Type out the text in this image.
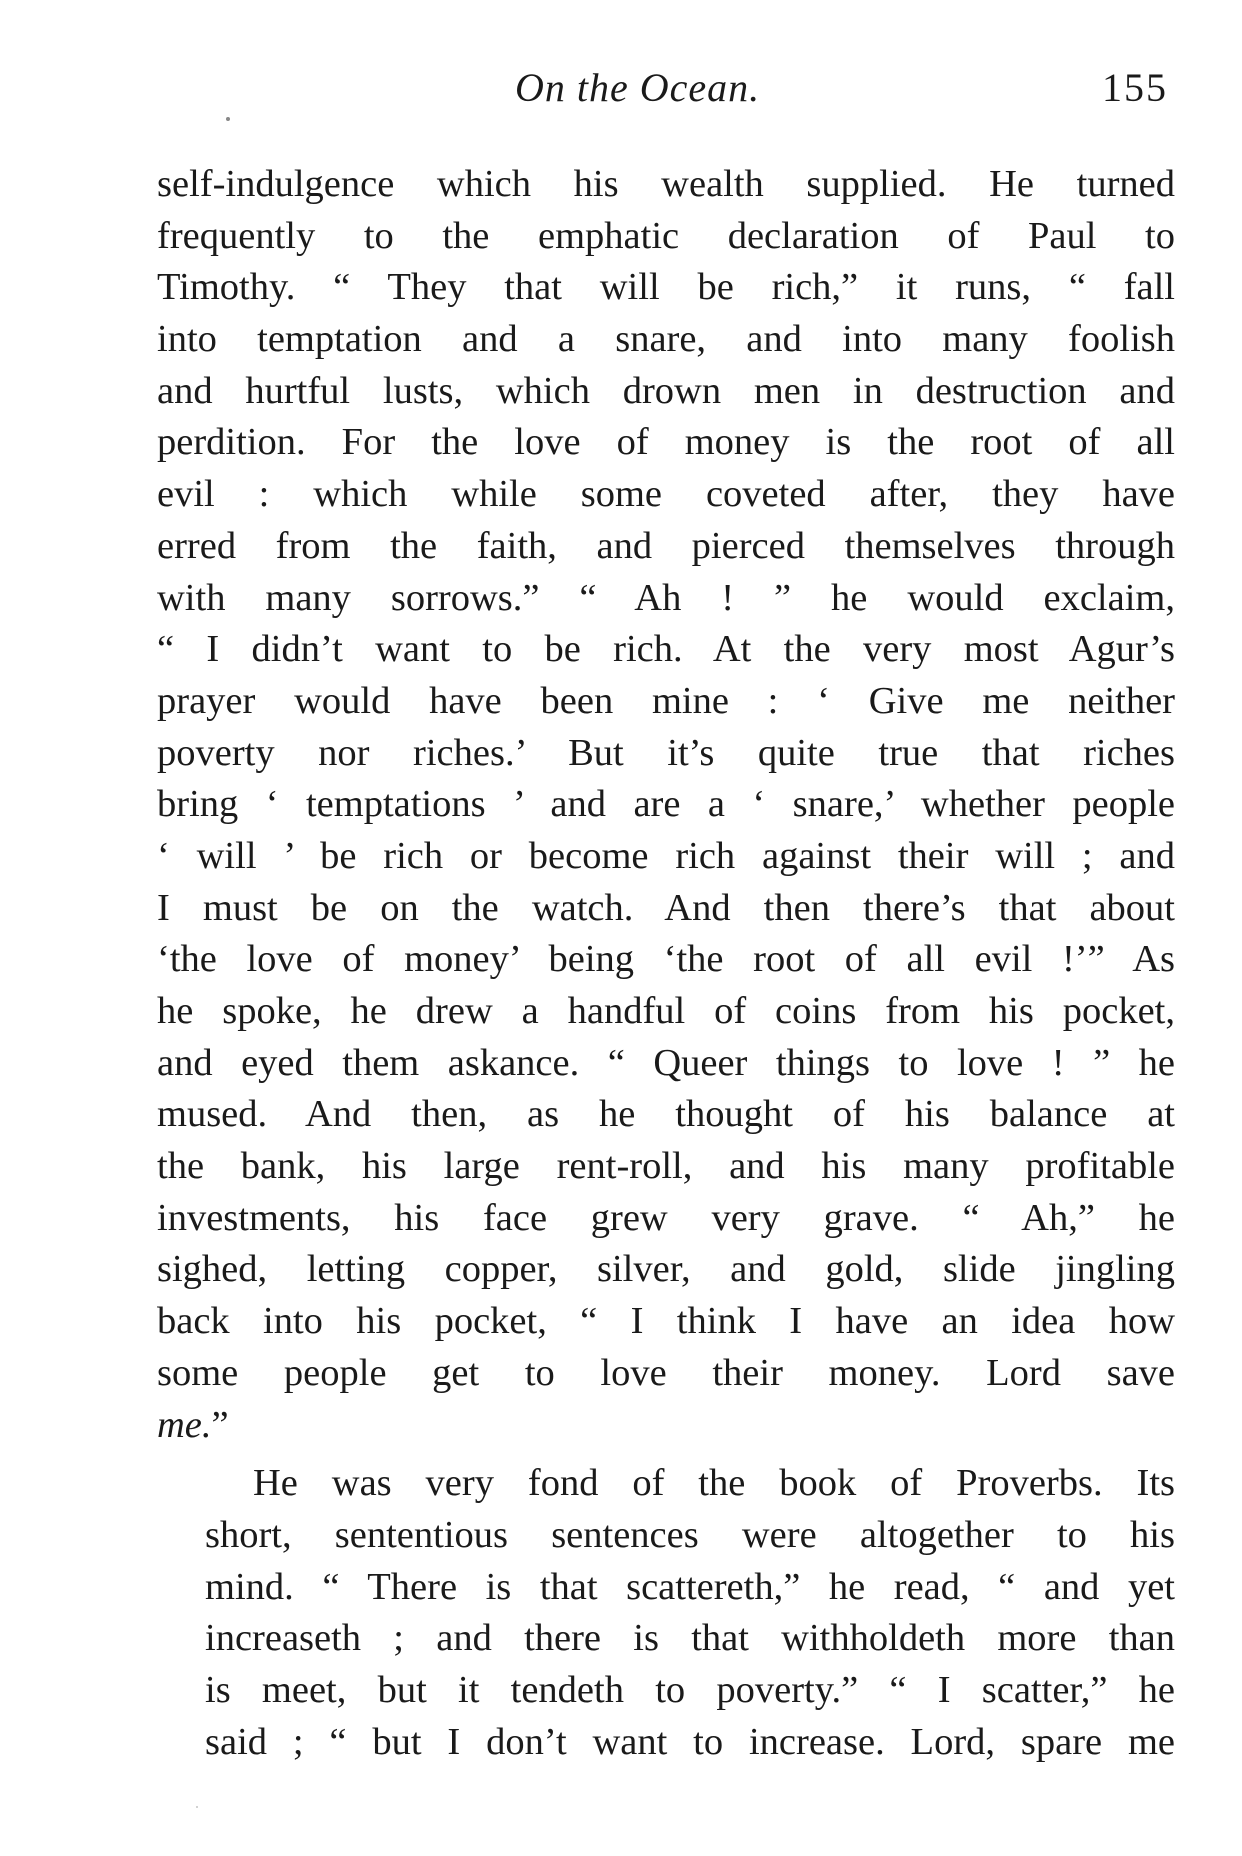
On the Ocean.	155
self-indulgence which his wealth supplied. He turned
frequently to the emphatic declaration of Paul to
Timothy. “ They that will be rich,” it runs, “ fall
into temptation and a snare, and into many foolish
and hurtful lusts, which drown men in destruction and
perdition. For the love of money is the root of all
evil : which while some coveted after, they have
erred from the faith, and pierced themselves through
with many sorrows.” “ Ah ! ” he would exclaim,
“ I didn’t want to be rich. At the very most Agur’s
prayer would have been mine : ‘ Give me neither
poverty nor riches.’ But it’s quite true that riches
bring ‘ temptations ’ and are a ‘ snare,’ whether people
‘ will ’ be rich or become rich against their will ; and
I must be on the watch. And then there’s that about
‘the love of money’ being ‘the root of all evil !’” As
he spoke, he drew a handful of coins from his pocket,
and eyed them askance. “ Queer things to love ! ” he
mused. And then, as he thought of his balance at
the bank, his large rent-roll, and his many profitable
investments, his face grew very grave. “ Ah,” he
sighed, letting copper, silver, and gold, slide jingling
back into his pocket, “ I think I have an idea how
some people get to love their money. Lord save
me.”
He was very fond of the book of Proverbs. Its
short, sententious sentences were altogether to his
mind. “ There is that scattereth,” he read, “ and yet
increaseth ; and there is that withholdeth more than
is meet, but it tendeth to poverty.” “ I scatter,” he
said ; “ but I don’t want to increase. Lord, spare me
